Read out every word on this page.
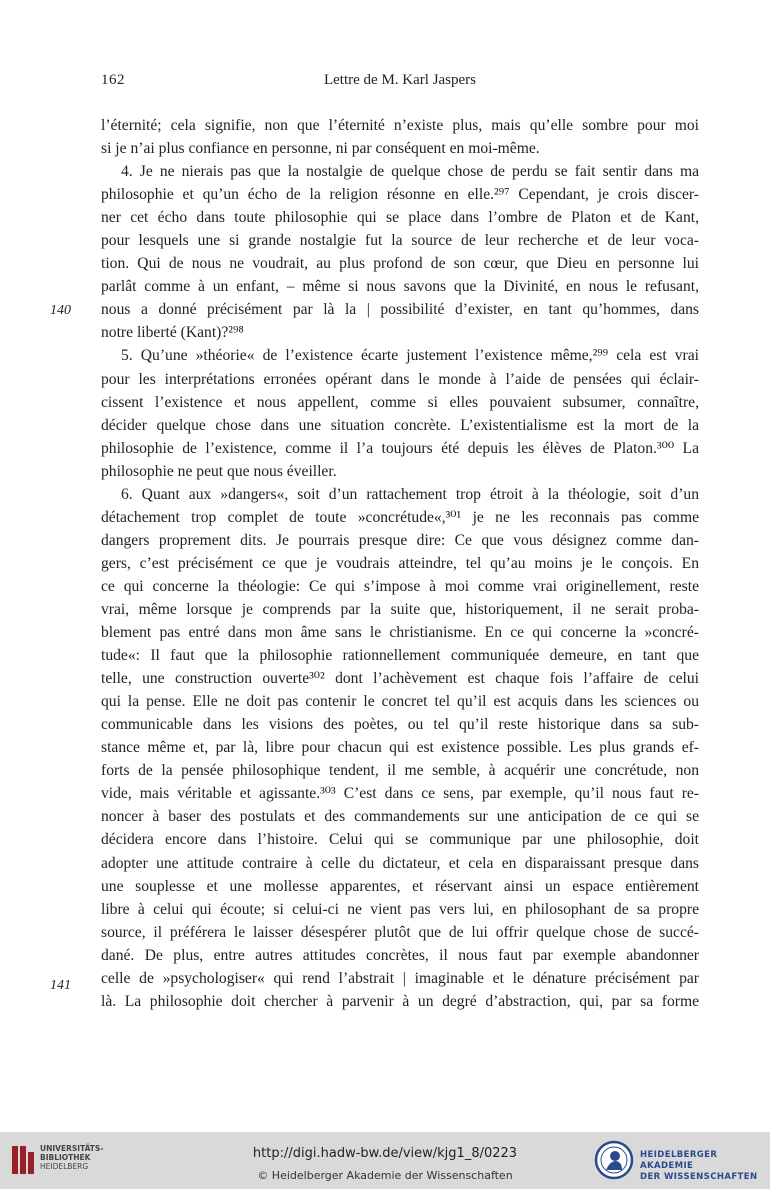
162	Lettre de M. Karl Jaspers
140
141
l’éternité; cela signifie, non que l’éternité n’existe plus, mais qu’elle sombre pour moi
si je n’ai plus confiance en personne, ni par conséquent en moi-même.
4. Je ne nierais pas que la nostalgie de quelque chose de perdu se fait sentir dans ma
philosophie et qu’un écho de la religion résonne en elle.²⁹⁷ Cependant, je crois discer-
ner cet écho dans toute philosophie qui se place dans l’ombre de Platon et de Kant,
pour lesquels une si grande nostalgie fut la source de leur recherche et de leur voca-
tion. Qui de nous ne voudrait, au plus profond de son cœur, que Dieu en personne lui
parlât comme à un enfant, – même si nous savons que la Divinité, en nous le refusant,
nous a donné précisément par là la | possibilité d’exister, en tant qu’hommes, dans
notre liberté (Kant)?²⁹⁸
5. Qu’une »théorie« de l’existence écarte justement l’existence même,²⁹⁹ cela est vrai
pour les interprétations erronées opérant dans le monde à l’aide de pensées qui éclair-
cissent l’existence et nous appellent, comme si elles pouvaient subsumer, connaître,
décider quelque chose dans une situation concrète. L’existentialisme est la mort de la
philosophie de l’existence, comme il l’a toujours été depuis les élèves de Platon.³⁰⁰ La
philosophie ne peut que nous éveiller.
6. Quant aux »dangers«, soit d’un rattachement trop étroit à la théologie, soit d’un
détachement trop complet de toute »concrétude«,³⁰¹ je ne les reconnais pas comme
dangers proprement dits. Je pourrais presque dire: Ce que vous désignez comme dan-
gers, c’est précisément ce que je voudrais atteindre, tel qu’au moins je le conçois. En
ce qui concerne la théologie: Ce qui s’impose à moi comme vrai originellement, reste
vrai, même lorsque je comprends par la suite que, historiquement, il ne serait proba-
blement pas entré dans mon âme sans le christianisme. En ce qui concerne la »concré-
tude«: Il faut que la philosophie rationnellement communiquée demeure, en tant que
telle, une construction ouverte³⁰² dont l’achèvement est chaque fois l’affaire de celui
qui la pense. Elle ne doit pas contenir le concret tel qu’il est acquis dans les sciences ou
communicable dans les visions des poètes, ou tel qu’il reste historique dans sa sub-
stance même et, par là, libre pour chacun qui est existence possible. Les plus grands ef-
forts de la pensée philosophique tendent, il me semble, à acquérir une concrétude, non
vide, mais véritable et agissante.³⁰³ C’est dans ce sens, par exemple, qu’il nous faut re-
noncer à baser des postulats et des commandements sur une anticipation de ce qui se
décidera encore dans l’histoire. Celui qui se communique par une philosophie, doit
adopter une attitude contraire à celle du dictateur, et cela en disparaissant presque dans
une souplesse et une mollesse apparentes, et réservant ainsi un espace entièrement
libre à celui qui écoute; si celui-ci ne vient pas vers lui, en philosophant de sa propre
source, il préférera le laisser désespérer plutôt que de lui offrir quelque chose de succé-
dané. De plus, entre autres attitudes concrètes, il nous faut par exemple abandonner
celle de »psychologiser« qui rend l’abstrait | imaginable et le dénature précisément par
là. La philosophie doit chercher à parvenir à un degré d’abstraction, qui, par sa forme
UNIVERSITÄTS-
BIBLIOTHEK
HEIDELBERG
http://digi.hadw-bw.de/view/kjg1_8/0223
© Heidelberger Akademie der Wissenschaften
HEIDELBERGER AKADEMIE
DER WISSENSCHAFTEN
